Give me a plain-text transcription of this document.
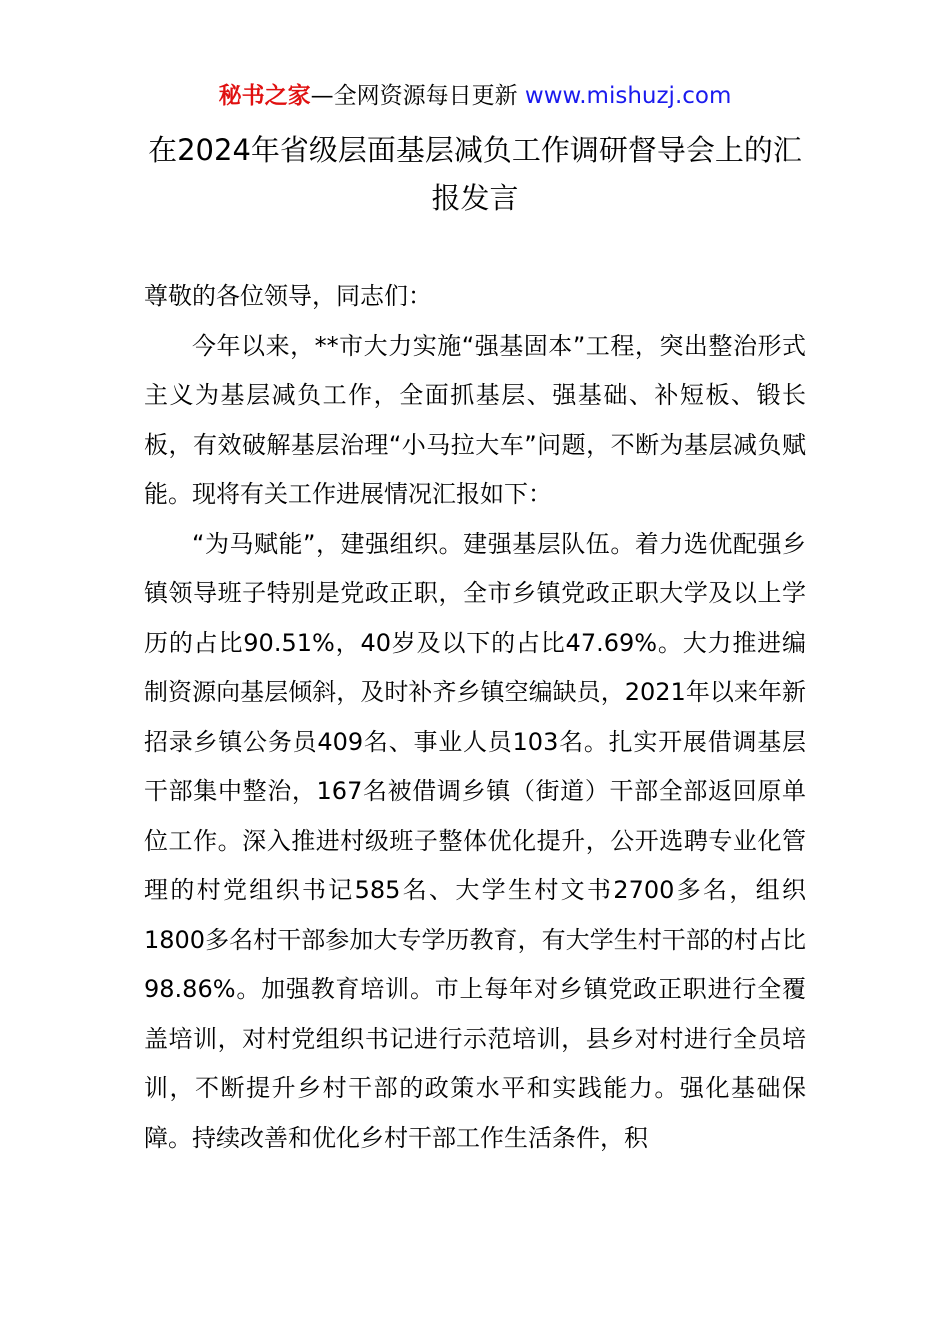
秘书之家—全网资源每日更新 www.mishuzj.com
在2024年省级层面基层减负工作调研督导会上的汇报发言

尊敬的各位领导，同志们：

今年以来，**市大力实施“强基固本”工程，突出整治形式主义为基层减负工作，全面抓基层、强基础、补短板、锻长板，有效破解基层治理“小马拉大车”问题，不断为基层减负赋能。现将有关工作进展情况汇报如下：

“为马赋能”，建强组织。建强基层队伍。着力选优配强乡镇领导班子特别是党政正职，全市乡镇党政正职大学及以上学历的占比90.51%，40岁及以下的占比47.69%。大力推进编制资源向基层倾斜，及时补齐乡镇空编缺员，2021年以来年新招录乡镇公务员409名、事业人员103名。扎实开展借调基层干部集中整治，167名被借调乡镇（街道）干部全部返回原单位工作。深入推进村级班子整体优化提升，公开选聘专业化管理的村党组织书记585名、大学生村文书2700多名，组织1800多名村干部参加大专学历教育，有大学生村干部的村占比98.86%。加强教育培训。市上每年对乡镇党政正职进行全覆盖培训，对村党组织书记进行示范培训，县乡对村进行全员培训，不断提升乡村干部的政策水平和实践能力。强化基础保障。持续改善和优化乡村干部工作生活条件，积
